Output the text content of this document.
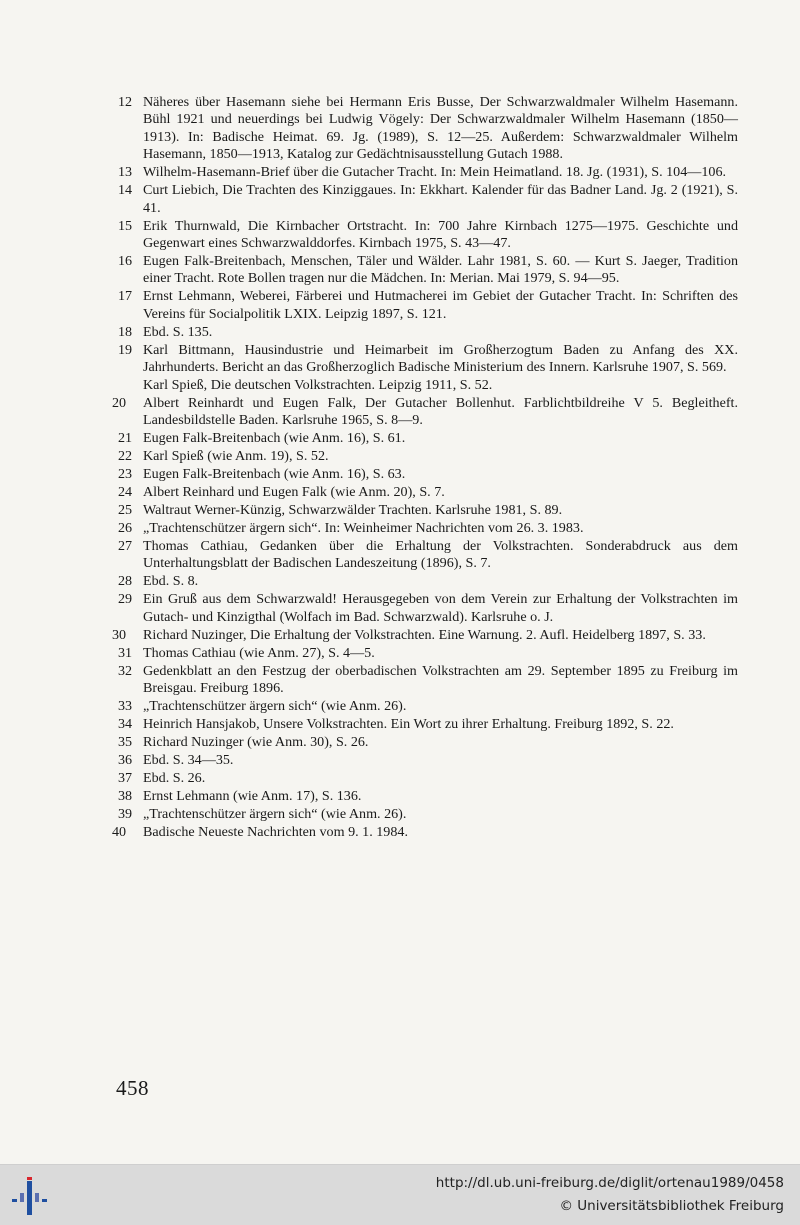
12 Näheres über Hasemann siehe bei Hermann Eris Busse, Der Schwarzwaldmaler Wilhelm Hasemann. Bühl 1921 und neuerdings bei Ludwig Vögely: Der Schwarzwaldmaler Wilhelm Hasemann (1850—1913). In: Badische Heimat. 69. Jg. (1989), S. 12—25. Außerdem: Schwarzwaldmaler Wilhelm Hasemann, 1850—1913, Katalog zur Gedächtnisausstellung Gutach 1988.
13 Wilhelm-Hasemann-Brief über die Gutacher Tracht. In: Mein Heimatland. 18. Jg. (1931), S. 104—106.
14 Curt Liebich, Die Trachten des Kinziggaues. In: Ekkhart. Kalender für das Badner Land. Jg. 2 (1921), S. 41.
15 Erik Thurnwald, Die Kirnbacher Ortstracht. In: 700 Jahre Kirnbach 1275—1975. Geschichte und Gegenwart eines Schwarzwalddorfes. Kirnbach 1975, S. 43—47.
16 Eugen Falk-Breitenbach, Menschen, Täler und Wälder. Lahr 1981, S. 60. — Kurt S. Jaeger, Tradition einer Tracht. Rote Bollen tragen nur die Mädchen. In: Merian. Mai 1979, S. 94—95.
17 Ernst Lehmann, Weberei, Färberei und Hutmacherei im Gebiet der Gutacher Tracht. In: Schriften des Vereins für Socialpolitik LXIX. Leipzig 1897, S. 121.
18 Ebd. S. 135.
19 Karl Bittmann, Hausindustrie und Heimarbeit im Großherzogtum Baden zu Anfang des XX. Jahrhunderts. Bericht an das Großherzoglich Badische Ministerium des Innern. Karlsruhe 1907, S. 569.
Karl Spieß, Die deutschen Volkstrachten. Leipzig 1911, S. 52.
20	Albert Reinhardt und Eugen Falk, Der Gutacher Bollenhut. Farblichtbildreihe V 5. Begleitheft. Landesbildstelle Baden. Karlsruhe 1965, S. 8—9.
21 Eugen Falk-Breitenbach (wie Anm. 16), S. 61.
22 Karl Spieß (wie Anm. 19), S. 52.
23 Eugen Falk-Breitenbach (wie Anm. 16), S. 63.
24 Albert Reinhard und Eugen Falk (wie Anm. 20), S. 7.
25 Waltraut Werner-Künzig, Schwarzwälder Trachten. Karlsruhe 1981, S. 89.
26 „Trachtenschützer ärgern sich“. In: Weinheimer Nachrichten vom 26. 3. 1983.
27 Thomas Cathiau, Gedanken über die Erhaltung der Volkstrachten. Sonderabdruck aus dem Unterhaltungsblatt der Badischen Landeszeitung (1896), S. 7.
28 Ebd. S. 8.
29 Ein Gruß aus dem Schwarzwald! Herausgegeben von dem Verein zur Erhaltung der Volkstrachten im Gutach- und Kinzigthal (Wolfach im Bad. Schwarzwald). Karlsruhe o. J.
30	Richard Nuzinger, Die Erhaltung der Volkstrachten. Eine Warnung. 2. Aufl. Heidelberg 1897, S. 33.
31 Thomas Cathiau (wie Anm. 27), S. 4—5.
32 Gedenkblatt an den Festzug der oberbadischen Volkstrachten am 29. September 1895 zu Freiburg im Breisgau. Freiburg 1896.
33 „Trachtenschützer ärgern sich“ (wie Anm. 26).
34 Heinrich Hansjakob, Unsere Volkstrachten. Ein Wort zu ihrer Erhaltung. Freiburg 1892, S. 22.
35 Richard Nuzinger (wie Anm. 30), S. 26.
36 Ebd. S. 34—35.
37 Ebd. S. 26.
38 Ernst Lehmann (wie Anm. 17), S. 136.
39 „Trachtenschützer ärgern sich“ (wie Anm. 26).
40	Badische Neueste Nachrichten vom 9. 1. 1984.
458
http://dl.ub.uni-freiburg.de/diglit/ortenau1989/0458
© Universitätsbibliothek Freiburg
